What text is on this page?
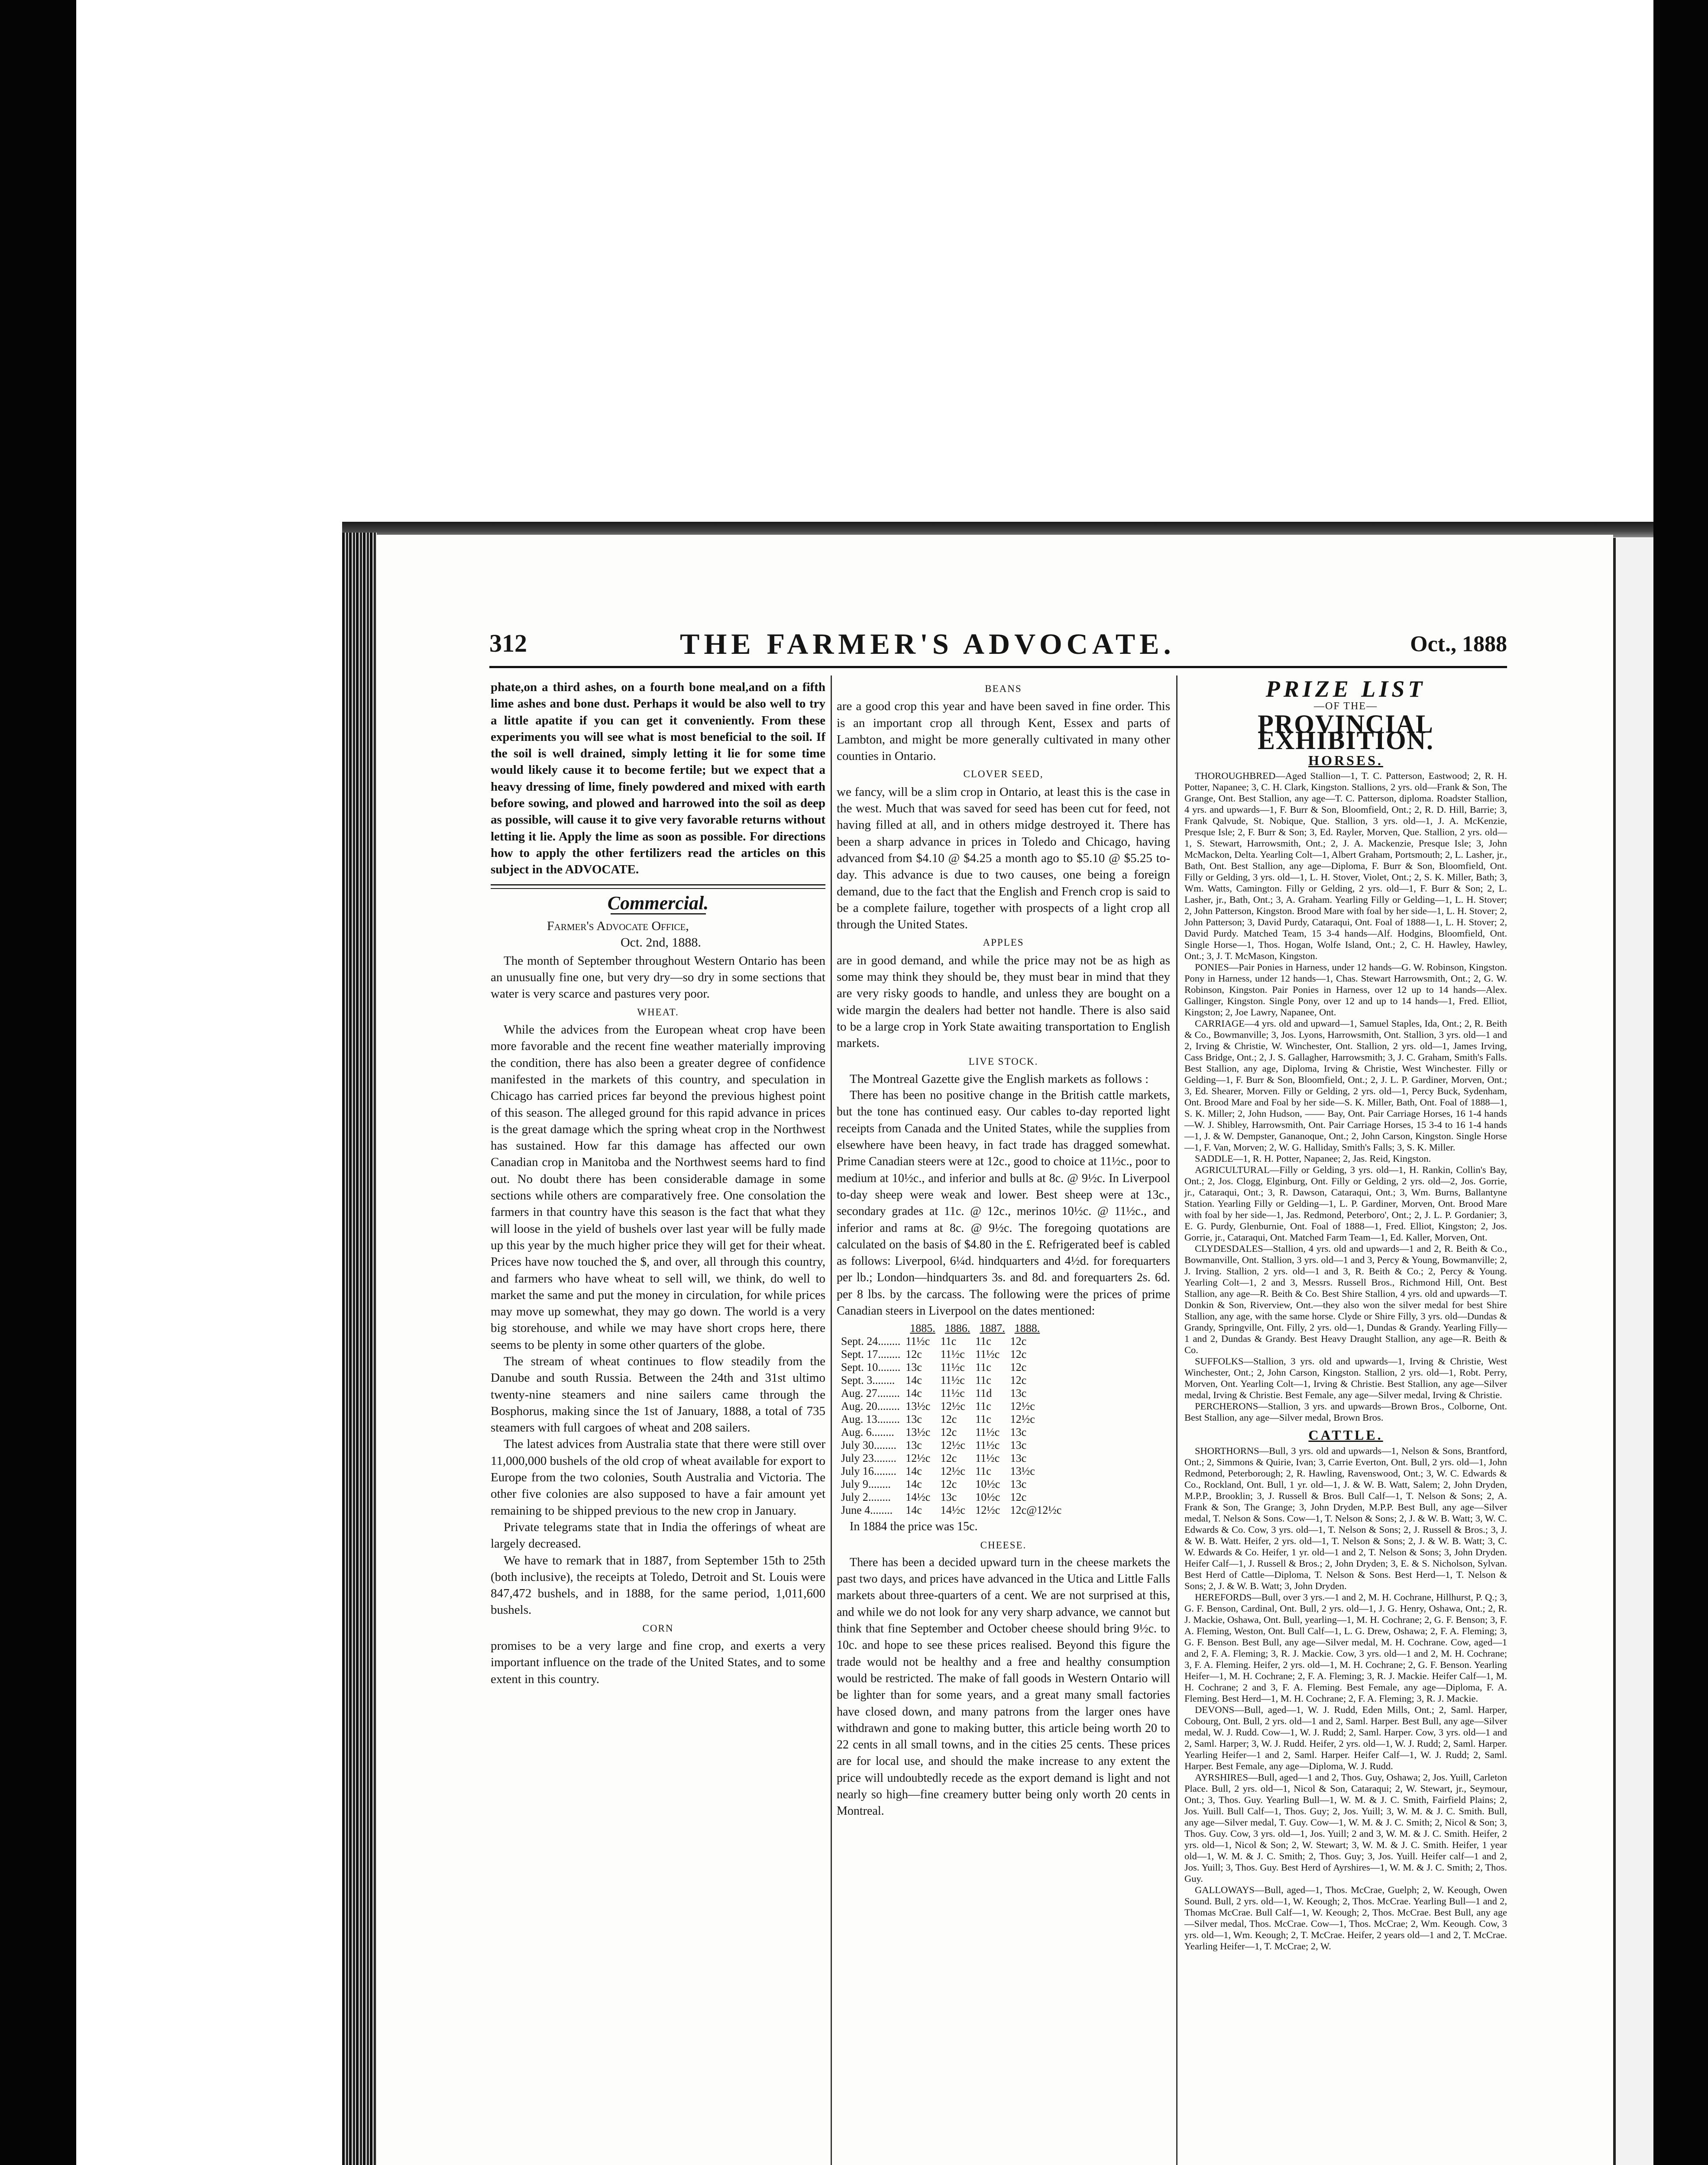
312	THE FARMER'S ADVOCATE.	Oct., 1888

phate,on a third ashes, on a fourth bone meal,and on a fifth lime ashes and bone dust. Perhaps it would be also well to try a little apatite if you can get it conveniently. From these experiments you will see what is most beneficial to the soil. If the soil is well drained, simply letting it lie for some time would likely cause it to become fertile; but we expect that a heavy dressing of lime, finely powdered and mixed with earth before sowing, and plowed and harrowed into the soil as deep as possible, will cause it to give very favorable returns without letting it lie. Apply the lime as soon as possible. For directions how to apply the other fertilizers read the articles on this subject in the ADVOCATE.

Commercial.
Farmer's Advocate Office,
Oct. 2nd, 1888.

The month of September throughout Western Ontario has been an unusually fine one, but very dry—so dry in some sections that water is very scarce and pastures very poor.

WHEAT.

While the advices from the European wheat crop have been more favorable and the recent fine weather materially improving the condition, there has also been a greater degree of confidence manifested in the markets of this country, and speculation in Chicago has carried prices far beyond the previous highest point of this season. The alleged ground for this rapid advance in prices is the great damage which the spring wheat crop in the Northwest has sustained. How far this damage has affected our own Canadian crop in Manitoba and the Northwest seems hard to find out. No doubt there has been considerable damage in some sections while others are comparatively free. One consolation the farmers in that country have this season is the fact that what they will loose in the yield of bushels over last year will be fully made up this year by the much higher price they will get for their wheat. Prices have now touched the $, and over, all through this country, and farmers who have wheat to sell will, we think, do well to market the same and put the money in circulation, for while prices may move up somewhat, they may go down. The world is a very big storehouse, and while we may have short crops here, there seems to be plenty in some other quarters of the globe.

The stream of wheat continues to flow steadily from the Danube and south Russia. Between the 24th and 31st ultimo twenty-nine steamers and nine sailers came through the Bosphorus, making since the 1st of January, 1888, a total of 735 steamers with full cargoes of wheat and 208 sailers.

The latest advices from Australia state that there were still over 11,000,000 bushels of the old crop of wheat available for export to Europe from the two colonies, South Australia and Victoria. The other five colonies are also supposed to have a fair amount yet remaining to be shipped previous to the new crop in January.

Private telegrams state that in India the offerings of wheat are largely decreased.

We have to remark that in 1887, from September 15th to 25th (both inclusive), the receipts at Toledo, Detroit and St. Louis were 847,472 bushels, and in 1888, for the same period, 1,011,600 bushels.

CORN

promises to be a very large and fine crop, and exerts a very important influence on the trade of the United States, and to some extent in this country.

BEANS

are a good crop this year and have been saved in fine order. This is an important crop all through Kent, Essex and parts of Lambton, and might be more generally cultivated in many other counties in Ontario.

CLOVER SEED,

we fancy, will be a slim crop in Ontario, at least this is the case in the west. Much that was saved for seed has been cut for feed, not having filled at all, and in others midge destroyed it. There has been a sharp advance in prices in Toledo and Chicago, having advanced from $4.10 @ $4.25 a month ago to $5.10 @ $5.25 to-day. This advance is due to two causes, one being a foreign demand, due to the fact that the English and French crop is said to be a complete failure, together with prospects of a light crop all through the United States.

APPLES

are in good demand, and while the price may not be as high as some may think they should be, they must bear in mind that they are very risky goods to handle, and unless they are bought on a wide margin the dealers had better not handle. There is also said to be a large crop in York State awaiting transportation to English markets.

LIVE STOCK.

The Montreal Gazette give the English markets as follows :

There has been no positive change in the British cattle markets, but the tone has continued easy. Our cables to-day reported light receipts from Canada and the United States, while the supplies from elsewhere have been heavy, in fact trade has dragged somewhat. Prime Canadian steers were at 12c., good to choice at 11½c., poor to medium at 10½c., and inferior and bulls at 8c. @ 9½c. In Liverpool to-day sheep were weak and lower. Best sheep were at 13c., secondary grades at 11c. @ 12c., merinos 10½c. @ 11½c., and inferior and rams at 8c. @ 9½c. The foregoing quotations are calculated on the basis of $4.80 in the £. Refrigerated beef is cabled as follows: Liverpool, 6¼d. hindquarters and 4½d. for forequarters per lb.; London—hindquarters 3s. and 8d. and forequarters 2s. 6d. per 8 lbs. by the carcass. The following were the prices of prime Canadian steers in Liverpool on the dates mentioned:

	1885.	1886.	1887.	1888.
Sept. 24........	11½c	11c	11c	12c
Sept. 17........	12c	11½c	11½c	12c
Sept. 10........	13c	11½c	11c	12c
Sept. 3........	14c	11½c	11c	12c
Aug. 27........	14c	11½c	11d	13c
Aug. 20........	13½c	12½c	11c	12½c
Aug. 13........	13c	12c	11c	12½c
Aug. 6........	13½c	12c	11½c	13c
July 30........	13c	12½c	11½c	13c
July 23........	12½c	12c	11½c	13c
July 16........	14c	12½c	11c	13½c
July 9........	14c	12c	10½c	13c
July 2........	14½c	13c	10½c	12c
June 4........	14c	14½c	12½c	12c@12½c

In 1884 the price was 15c.

CHEESE.

There has been a decided upward turn in the cheese markets the past two days, and prices have advanced in the Utica and Little Falls markets about three-quarters of a cent. We are not surprised at this, and while we do not look for any very sharp advance, we cannot but think that fine September and October cheese should bring 9½c. to 10c. and hope to see these prices realised. Beyond this figure the trade would not be healthy and a free and healthy consumption would be restricted. The make of fall goods in Western Ontario will be lighter than for some years, and a great many small factories have closed down, and many patrons from the larger ones have withdrawn and gone to making butter, this article being worth 20 to 22 cents in all small towns, and in the cities 25 cents. These prices are for local use, and should the make increase to any extent the price will undoubtedly recede as the export demand is light and not nearly so high—fine creamery butter being only worth 20 cents in Montreal.

PRIZE LIST
—OF THE—
PROVINCIAL EXHIBITION.
HORSES.

THOROUGHBRED—Aged Stallion—1, T. C. Patterson, Eastwood; 2, R. H. Potter, Napanee; 3, C. H. Clark, Kingston. Stallions, 2 yrs. old—Frank & Son, The Grange, Ont. Best Stallion, any age—T. C. Patterson, diploma. Roadster Stallion, 4 yrs. and upwards—1, F. Burr & Son, Bloomfield, Ont.; 2, R. D. Hill, Barrie; 3, Frank Qalvude, St. Nobique, Que. Stallion, 3 yrs. old—1, J. A. McKenzie, Presque Isle; 2, F. Burr & Son; 3, Ed. Rayler, Morven, Que. Stallion, 2 yrs. old—1, S. Stewart, Harrowsmith, Ont.; 2, J. A. Mackenzie, Presque Isle; 3, John McMackon, Delta. Yearling Colt—1, Albert Graham, Portsmouth; 2, L. Lasher, jr., Bath, Ont. Best Stallion, any age—Diploma, F. Burr & Son, Bloomfield, Ont. Filly or Gelding, 3 yrs. old—1, L. H. Stover, Violet, Ont.; 2, S. K. Miller, Bath; 3, Wm. Watts, Camington. Filly or Gelding, 2 yrs. old—1, F. Burr & Son; 2, L. Lasher, jr., Bath, Ont.; 3, A. Graham. Yearling Filly or Gelding—1, L. H. Stover; 2, John Patterson, Kingston. Brood Mare with foal by her side—1, L. H. Stover; 2, John Patterson; 3, David Purdy, Cataraqui, Ont. Foal of 1888—1, L. H. Stover; 2, David Purdy. Matched Team, 15 3-4 hands—Alf. Hodgins, Bloomfield, Ont. Single Horse—1, Thos. Hogan, Wolfe Island, Ont.; 2, C. H. Hawley, Hawley, Ont.; 3, J. T. McMason, Kingston.

PONIES—Pair Ponies in Harness, under 12 hands—G. W. Robinson, Kingston. Pony in Harness, under 12 hands—1, Chas. Stewart Harrowsmith, Ont.; 2, G. W. Robinson, Kingston. Pair Ponies in Harness, over 12 up to 14 hands—Alex. Gallinger, Kingston. Single Pony, over 12 and up to 14 hands—1, Fred. Elliot, Kingston; 2, Joe Lawry, Napanee, Ont.

CARRIAGE—4 yrs. old and upward—1, Samuel Staples, Ida, Ont.; 2, R. Beith & Co., Bowmanville; 3, Jos. Lyons, Harrowsmith, Ont. Stallion, 3 yrs. old—1 and 2, Irving & Christie, W. Winchester, Ont. Stallion, 2 yrs. old—1, James Irving, Cass Bridge, Ont.; 2, J. S. Gallagher, Harrowsmith; 3, J. C. Graham, Smith's Falls. Best Stallion, any age, Diploma, Irving & Christie, West Winchester. Filly or Gelding—1, F. Burr & Son, Bloomfield, Ont.; 2, J. L. P. Gardiner, Morven, Ont.; 3, Ed. Shearer, Morven. Filly or Gelding, 2 yrs. old—1, Percy Buck, Sydenham, Ont. Brood Mare and Foal by her side—S. K. Miller, Bath, Ont. Foal of 1888—1, S. K. Miller; 2, John Hudson, —— Bay, Ont. Pair Carriage Horses, 16 1-4 hands—W. J. Shibley, Harrowsmith, Ont. Pair Carriage Horses, 15 3-4 to 16 1-4 hands—1, J. & W. Dempster, Gananoque, Ont.; 2, John Carson, Kingston. Single Horse—1, F. Van, Morven; 2, W. G. Halliday, Smith's Falls; 3, S. K. Miller.

SADDLE—1, R. H. Potter, Napanee; 2, Jas. Reid, Kingston.

AGRICULTURAL—Filly or Gelding, 3 yrs. old—1, H. Rankin, Collin's Bay, Ont.; 2, Jos. Clogg, Elginburg, Ont. Filly or Gelding, 2 yrs. old—2, Jos. Gorrie, jr., Cataraqui, Ont.; 3, R. Dawson, Cataraqui, Ont.; 3, Wm. Burns, Ballantyne Station. Yearling Filly or Gelding—1, L. P. Gardiner, Morven, Ont. Brood Mare with foal by her side—1, Jas. Redmond, Peterboro', Ont.; 2, J. L. P. Gordanier; 3, E. G. Purdy, Glenburnie, Ont. Foal of 1888—1, Fred. Elliot, Kingston; 2, Jos. Gorrie, jr., Cataraqui, Ont. Matched Farm Team—1, Ed. Kaller, Morven, Ont.

CLYDESDALES—Stallion, 4 yrs. old and upwards—1 and 2, R. Beith & Co., Bowmanville, Ont. Stallion, 3 yrs. old—1 and 3, Percy & Young, Bowmanville; 2, J. Irving. Stallion, 2 yrs. old—1 and 3, R. Beith & Co.; 2, Percy & Young. Yearling Colt—1, 2 and 3, Messrs. Russell Bros., Richmond Hill, Ont. Best Stallion, any age—R. Beith & Co. Best Shire Stallion, 4 yrs. old and upwards—T. Donkin & Son, Riverview, Ont.—they also won the silver medal for best Shire Stallion, any age, with the same horse. Clyde or Shire Filly, 3 yrs. old—Dundas & Grandy, Springville, Ont. Filly, 2 yrs. old—1, Dundas & Grandy. Yearling Filly—1 and 2, Dundas & Grandy. Best Heavy Draught Stallion, any age—R. Beith & Co.

SUFFOLKS—Stallion, 3 yrs. old and upwards—1, Irving & Christie, West Winchester, Ont.; 2, John Carson, Kingston. Stallion, 2 yrs. old—1, Robt. Perry, Morven, Ont. Yearling Colt—1, Irving & Christie. Best Stallion, any age—Silver medal, Irving & Christie. Best Female, any age—Silver medal, Irving & Christie.

PERCHERONS—Stallion, 3 yrs. and upwards—Brown Bros., Colborne, Ont. Best Stallion, any age—Silver medal, Brown Bros.

CATTLE.

SHORTHORNS—Bull, 3 yrs. old and upwards—1, Nelson & Sons, Brantford, Ont.; 2, Simmons & Quirie, Ivan; 3, Carrie Everton, Ont. Bull, 2 yrs. old—1, John Redmond, Peterborough; 2, R. Hawling, Ravenswood, Ont.; 3, W. C. Edwards & Co., Rockland, Ont. Bull, 1 yr. old—1, J. & W. B. Watt, Salem; 2, John Dryden, M.P.P., Brooklin; 3, J. Russell & Bros. Bull Calf—1, T. Nelson & Sons; 2, A. Frank & Son, The Grange; 3, John Dryden, M.P.P. Best Bull, any age—Silver medal, T. Nelson & Sons. Cow—1, T. Nelson & Sons; 2, J. & W. B. Watt; 3, W. C. Edwards & Co. Cow, 3 yrs. old—1, T. Nelson & Sons; 2, J. Russell & Bros.; 3, J. & W. B. Watt. Heifer, 2 yrs. old—1, T. Nelson & Sons; 2, J. & W. B. Watt; 3, C. W. Edwards & Co. Heifer, 1 yr. old—1 and 2, T. Nelson & Sons; 3, John Dryden. Heifer Calf—1, J. Russell & Bros.; 2, John Dryden; 3, E. & S. Nicholson, Sylvan. Best Herd of Cattle—Diploma, T. Nelson & Sons. Best Herd—1, T. Nelson & Sons; 2, J. & W. B. Watt; 3, John Dryden.

HEREFORDS—Bull, over 3 yrs.—1 and 2, M. H. Cochrane, Hillhurst, P. Q.; 3, G. F. Benson, Cardinal, Ont. Bull, 2 yrs. old—1, J. G. Henry, Oshawa, Ont.; 2, R. J. Mackie, Oshawa, Ont. Bull, yearling—1, M. H. Cochrane; 2, G. F. Benson; 3, F. A. Fleming, Weston, Ont. Bull Calf—1, L. G. Drew, Oshawa; 2, F. A. Fleming; 3, G. F. Benson. Best Bull, any age—Silver medal, M. H. Cochrane. Cow, aged—1 and 2, F. A. Fleming; 3, R. J. Mackie. Cow, 3 yrs. old—1 and 2, M. H. Cochrane; 3, F. A. Fleming. Heifer, 2 yrs. old—1, M. H. Cochrane; 2, G. F. Benson. Yearling Heifer—1, M. H. Cochrane; 2, F. A. Fleming; 3, R. J. Mackie. Heifer Calf—1, M. H. Cochrane; 2 and 3, F. A. Fleming. Best Female, any age—Diploma, F. A. Fleming. Best Herd—1, M. H. Cochrane; 2, F. A. Fleming; 3, R. J. Mackie.

DEVONS—Bull, aged—1, W. J. Rudd, Eden Mills, Ont.; 2, Saml. Harper, Cobourg, Ont. Bull, 2 yrs. old—1 and 2, Saml. Harper. Best Bull, any age—Silver medal, W. J. Rudd. Cow—1, W. J. Rudd; 2, Saml. Harper. Cow, 3 yrs. old—1 and 2, Saml. Harper; 3, W. J. Rudd. Heifer, 2 yrs. old—1, W. J. Rudd; 2, Saml. Harper. Yearling Heifer—1 and 2, Saml. Harper. Heifer Calf—1, W. J. Rudd; 2, Saml. Harper. Best Female, any age—Diploma, W. J. Rudd.

AYRSHIRES—Bull, aged—1 and 2, Thos. Guy, Oshawa; 2, Jos. Yuill, Carleton Place. Bull, 2 yrs. old—1, Nicol & Son, Cataraqui; 2, W. Stewart, jr., Seymour, Ont.; 3, Thos. Guy. Yearling Bull—1, W. M. & J. C. Smith, Fairfield Plains; 2, Jos. Yuill. Bull Calf—1, Thos. Guy; 2, Jos. Yuill; 3, W. M. & J. C. Smith. Bull, any age—Silver medal, T. Guy. Cow—1, W. M. & J. C. Smith; 2, Nicol & Son; 3, Thos. Guy. Cow, 3 yrs. old—1, Jos. Yuill; 2 and 3, W. M. & J. C. Smith. Heifer, 2 yrs. old—1, Nicol & Son; 2, W. Stewart; 3, W. M. & J. C. Smith. Heifer, 1 year old—1, W. M. & J. C. Smith; 2, Thos. Guy; 3, Jos. Yuill. Heifer calf—1 and 2, Jos. Yuill; 3, Thos. Guy. Best Herd of Ayrshires—1, W. M. & J. C. Smith; 2, Thos. Guy.

GALLOWAYS—Bull, aged—1, Thos. McCrae, Guelph; 2, W. Keough, Owen Sound. Bull, 2 yrs. old—1, W. Keough; 2, Thos. McCrae. Yearling Bull—1 and 2, Thomas McCrae. Bull Calf—1, W. Keough; 2, Thos. McCrae. Best Bull, any age—Silver medal, Thos. McCrae. Cow—1, Thos. McCrae; 2, Wm. Keough. Cow, 3 yrs. old—1, Wm. Keough; 2, T. McCrae. Heifer, 2 years old—1 and 2, T. McCrae. Yearling Heifer—1, T. McCrae; 2, W.
